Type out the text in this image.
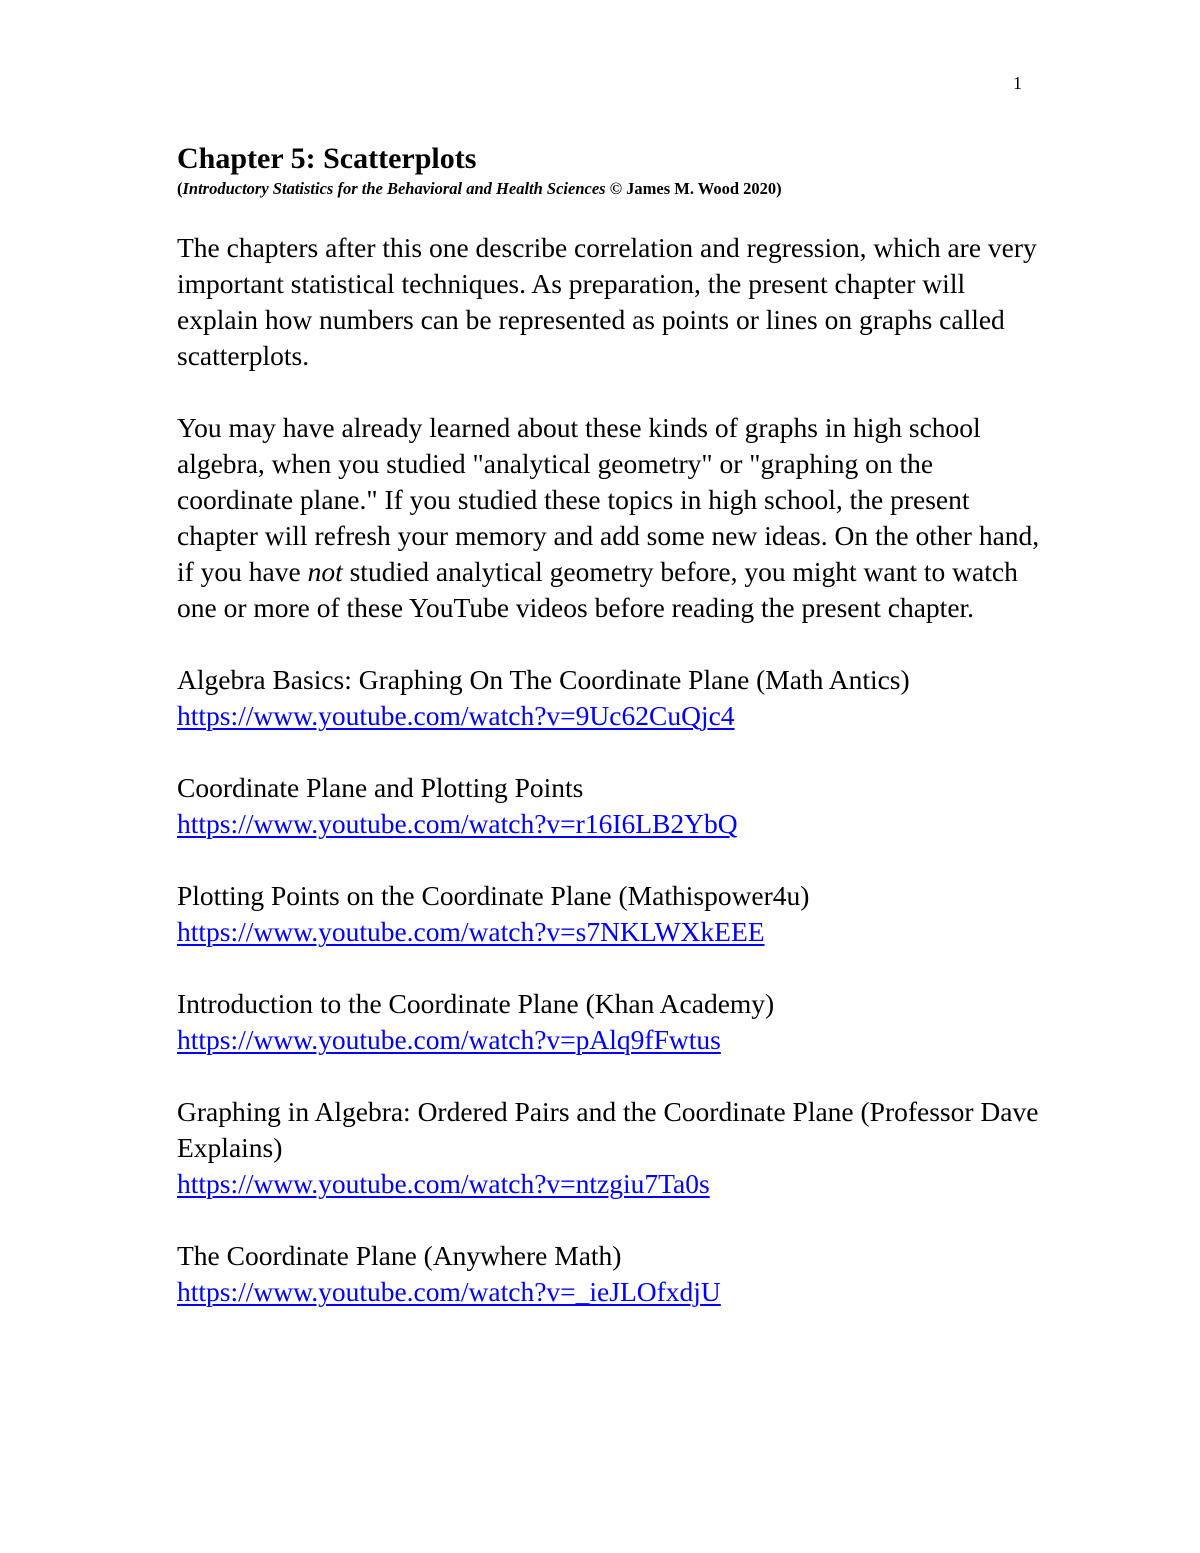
1
Chapter 5: Scatterplots

(Introductory Statistics for the Behavioral and Health Sciences © James M. Wood 2020)

The chapters after this one describe correlation and regression, which are very important statistical techniques. As preparation, the present chapter will explain how numbers can be represented as points or lines on graphs called scatterplots.

You may have already learned about these kinds of graphs in high school algebra, when you studied "analytical geometry" or "graphing on the coordinate plane." If you studied these topics in high school, the present chapter will refresh your memory and add some new ideas. On the other hand, if you have not studied analytical geometry before, you might want to watch one or more of these YouTube videos before reading the present chapter.

Algebra Basics: Graphing On The Coordinate Plane (Math Antics)
https://www.youtube.com/watch?v=9Uc62CuQjc4
Coordinate Plane and Plotting Points
https://www.youtube.com/watch?v=r16I6LB2YbQ
Plotting Points on the Coordinate Plane (Mathispower4u)
https://www.youtube.com/watch?v=s7NKLWXkEEE
Introduction to the Coordinate Plane (Khan Academy)
https://www.youtube.com/watch?v=pAlq9fFwtus
Graphing in Algebra: Ordered Pairs and the Coordinate Plane (Professor Dave Explains)
https://www.youtube.com/watch?v=ntzgiu7Ta0s
The Coordinate Plane (Anywhere Math)
https://www.youtube.com/watch?v=_ieJLOfxdjU
